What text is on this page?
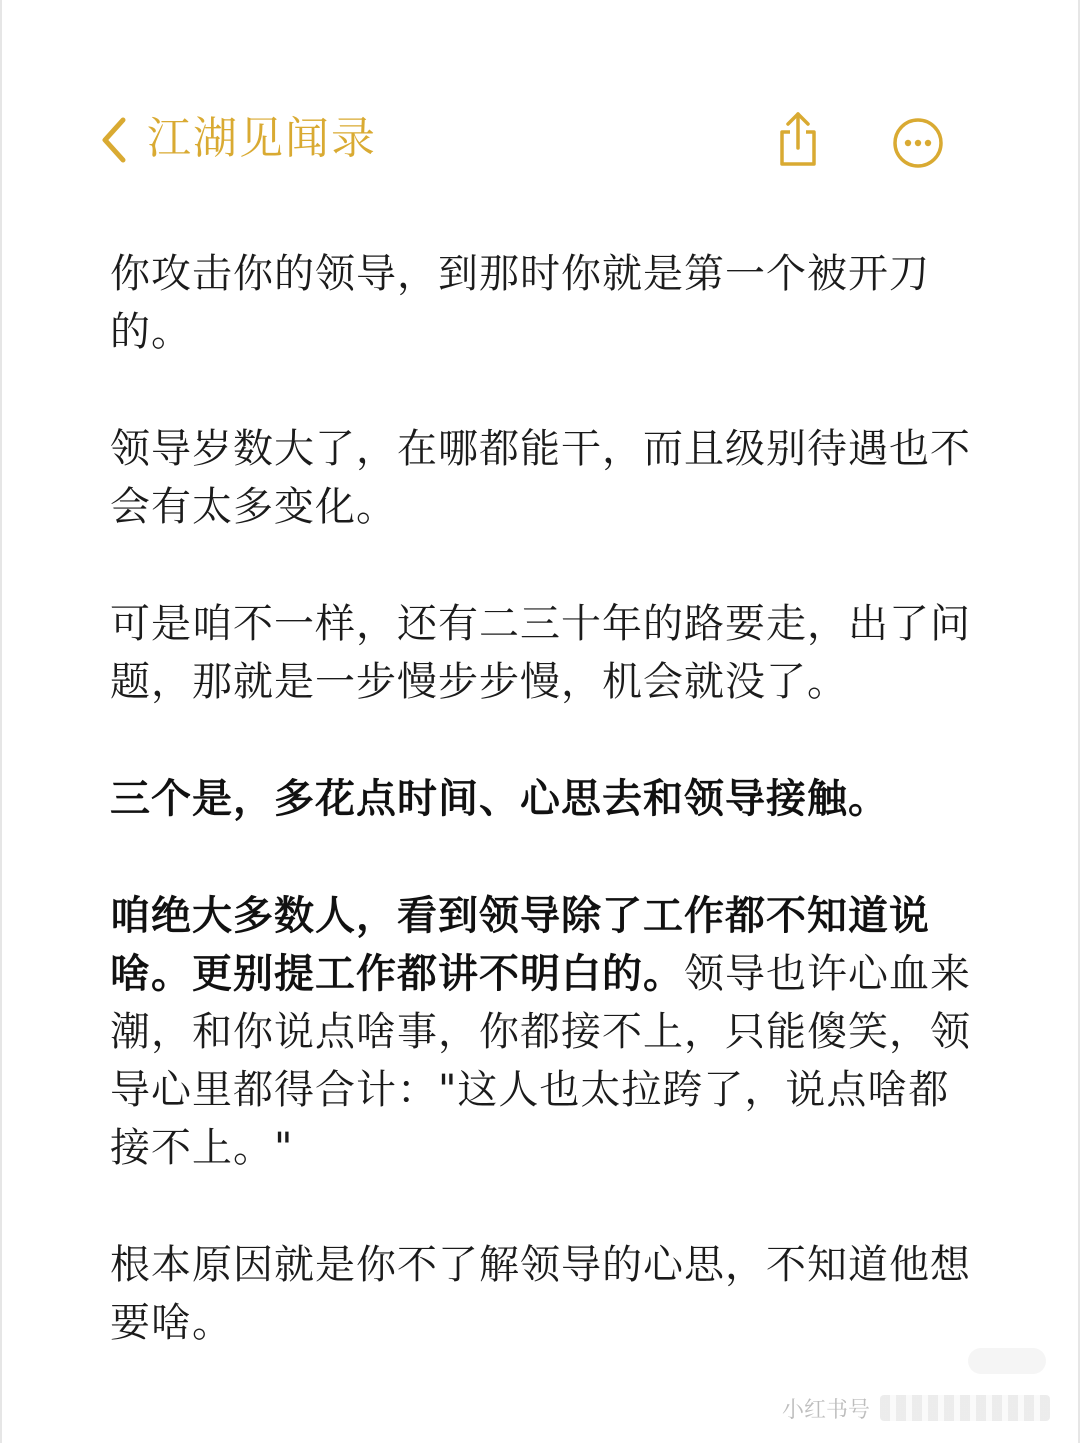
江湖见闻录

你攻击你的领导，到那时你就是第一个被开刀的。

领导岁数大了，在哪都能干，而且级别待遇也不会有太多变化。

可是咱不一样，还有二三十年的路要走，出了问题，那就是一步慢步步慢，机会就没了。

三个是，多花点时间、心思去和领导接触。

咱绝大多数人，看到领导除了工作都不知道说啥。更别提工作都讲不明白的。领导也许心血来潮，和你说点啥事，你都接不上，只能傻笑，领导心里都得合计："这人也太拉跨了，说点啥都接不上。"

根本原因就是你不了解领导的心思，不知道他想要啥。

小红书号
